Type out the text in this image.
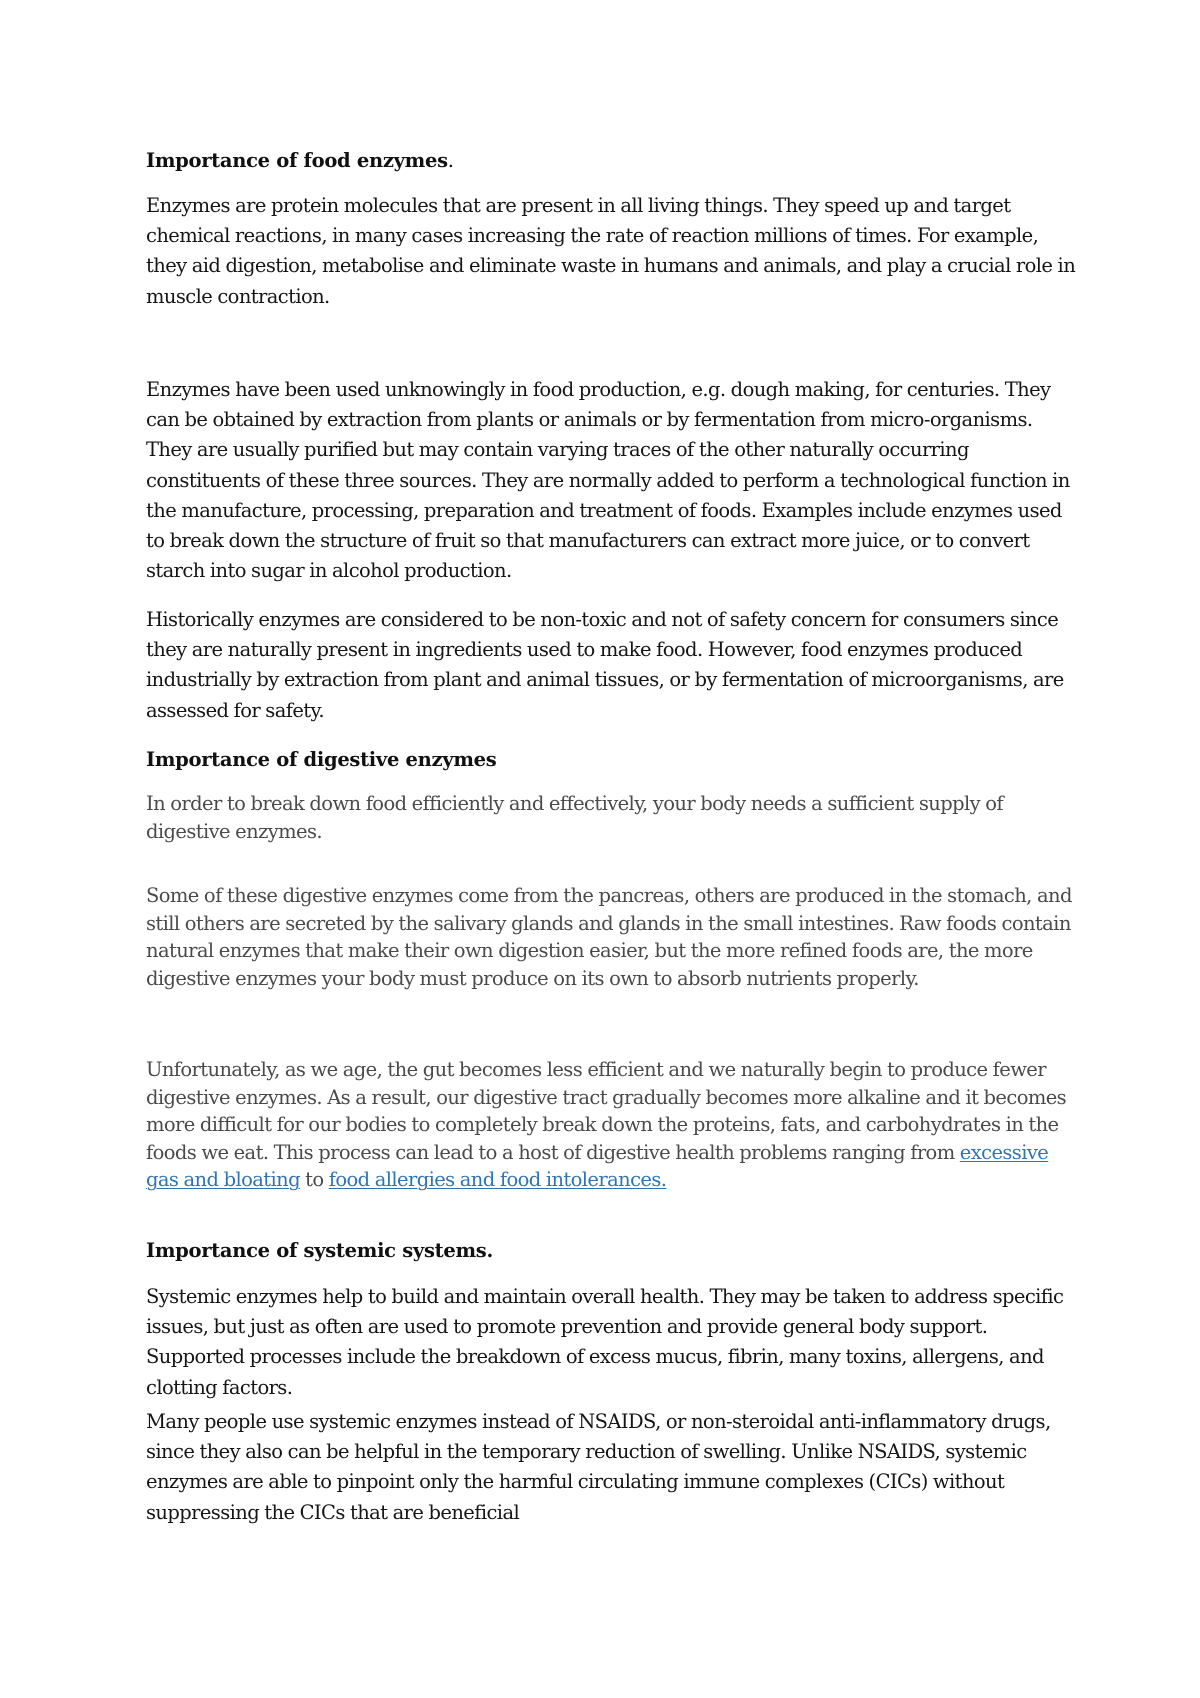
Importance of food enzymes.

Enzymes are protein molecules that are present in all living things. They speed up and target chemical reactions, in many cases increasing the rate of reaction millions of times. For example, they aid digestion, metabolise and eliminate waste in humans and animals, and play a crucial role in muscle contraction.

Enzymes have been used unknowingly in food production, e.g. dough making, for centuries. They can be obtained by extraction from plants or animals or by fermentation from micro-organisms. They are usually purified but may contain varying traces of the other naturally occurring constituents of these three sources. They are normally added to perform a technological function in the manufacture, processing, preparation and treatment of foods. Examples include enzymes used to break down the structure of fruit so that manufacturers can extract more juice, or to convert starch into sugar in alcohol production.

Historically enzymes are considered to be non-toxic and not of safety concern for consumers since they are naturally present in ingredients used to make food. However, food enzymes produced industrially by extraction from plant and animal tissues, or by fermentation of microorganisms, are assessed for safety.

Importance of digestive enzymes

In order to break down food efficiently and effectively, your body needs a sufficient supply of digestive enzymes.

Some of these digestive enzymes come from the pancreas, others are produced in the stomach, and still others are secreted by the salivary glands and glands in the small intestines. Raw foods contain natural enzymes that make their own digestion easier, but the more refined foods are, the more digestive enzymes your body must produce on its own to absorb nutrients properly.

Unfortunately, as we age, the gut becomes less efficient and we naturally begin to produce fewer digestive enzymes. As a result, our digestive tract gradually becomes more alkaline and it becomes more difficult for our bodies to completely break down the proteins, fats, and carbohydrates in the foods we eat. This process can lead to a host of digestive health problems ranging from excessive gas and bloating to food allergies and food intolerances.

Importance of systemic systems.

Systemic enzymes help to build and maintain overall health. They may be taken to address specific issues, but just as often are used to promote prevention and provide general body support. Supported processes include the breakdown of excess mucus, fibrin, many toxins, allergens, and clotting factors.

Many people use systemic enzymes instead of NSAIDS, or non-steroidal anti-inflammatory drugs, since they also can be helpful in the temporary reduction of swelling. Unlike NSAIDS, systemic enzymes are able to pinpoint only the harmful circulating immune complexes (CICs) without suppressing the CICs that are beneficial
